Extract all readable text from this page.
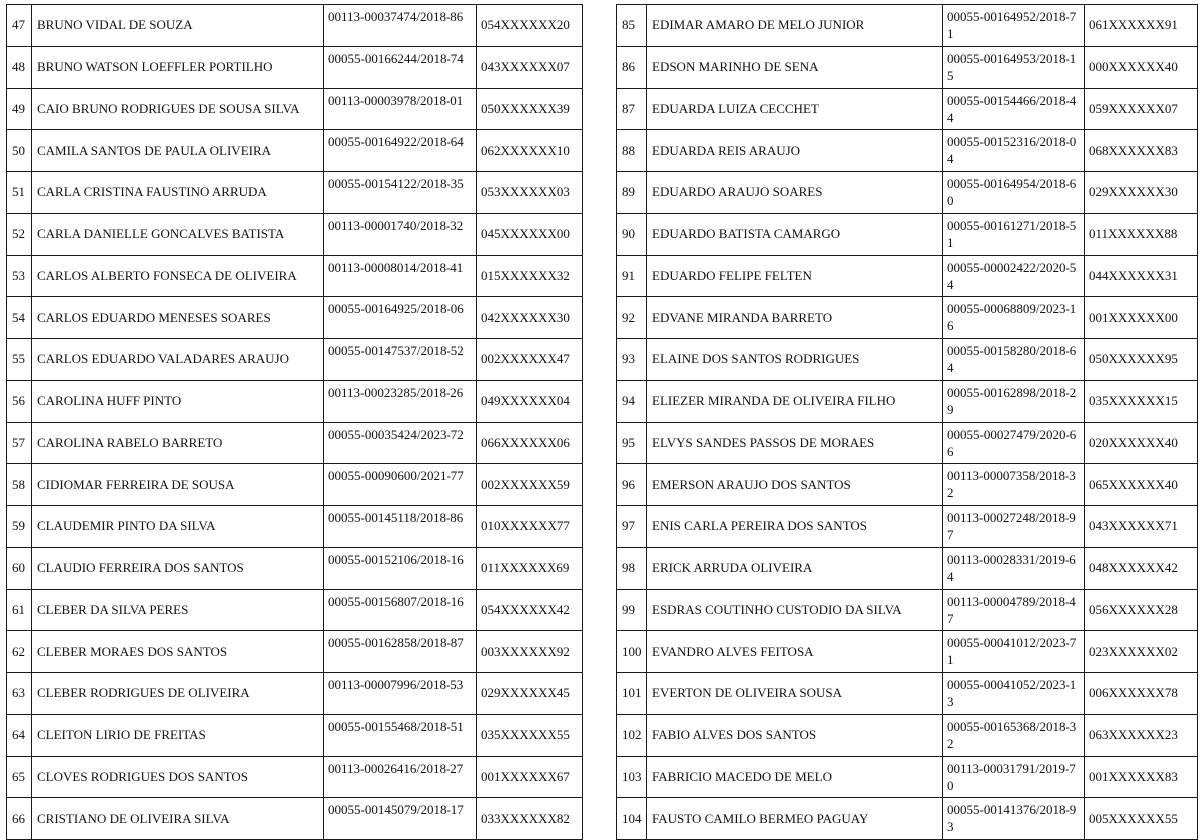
47	BRUNO VIDAL DE SOUZA	00113-00037474/2018-86	054XXXXXX20
48	BRUNO WATSON LOEFFLER PORTILHO	00055-00166244/2018-74	043XXXXXX07
49	CAIO BRUNO RODRIGUES DE SOUSA SILVA	00113-00003978/2018-01	050XXXXXX39
50	CAMILA SANTOS DE PAULA OLIVEIRA	00055-00164922/2018-64	062XXXXXX10
51	CARLA CRISTINA FAUSTINO ARRUDA	00055-00154122/2018-35	053XXXXXX03
52	CARLA DANIELLE GONCALVES BATISTA	00113-00001740/2018-32	045XXXXXX00
53	CARLOS ALBERTO FONSECA DE OLIVEIRA	00113-00008014/2018-41	015XXXXXX32
54	CARLOS EDUARDO MENESES SOARES	00055-00164925/2018-06	042XXXXXX30
55	CARLOS EDUARDO VALADARES ARAUJO	00055-00147537/2018-52	002XXXXXX47
56	CAROLINA HUFF PINTO	00113-00023285/2018-26	049XXXXXX04
57	CAROLINA RABELO BARRETO	00055-00035424/2023-72	066XXXXXX06
58	CIDIOMAR FERREIRA DE SOUSA	00055-00090600/2021-77	002XXXXXX59
59	CLAUDEMIR PINTO DA SILVA	00055-00145118/2018-86	010XXXXXX77
60	CLAUDIO FERREIRA DOS SANTOS	00055-00152106/2018-16	011XXXXXX69
61	CLEBER DA SILVA PERES	00055-00156807/2018-16	054XXXXXX42
62	CLEBER MORAES DOS SANTOS	00055-00162858/2018-87	003XXXXXX92
63	CLEBER RODRIGUES DE OLIVEIRA	00113-00007996/2018-53	029XXXXXX45
64	CLEITON LIRIO DE FREITAS	00055-00155468/2018-51	035XXXXXX55
65	CLOVES RODRIGUES DOS SANTOS	00113-00026416/2018-27	001XXXXXX67
66	CRISTIANO DE OLIVEIRA SILVA	00055-00145079/2018-17	033XXXXXX82
85	EDIMAR AMARO DE MELO JUNIOR	00055-00164952/2018-71	061XXXXXX91
86	EDSON MARINHO DE SENA	00055-00164953/2018-15	000XXXXXX40
87	EDUARDA LUIZA CECCHET	00055-00154466/2018-44	059XXXXXX07
88	EDUARDA REIS ARAUJO	00055-00152316/2018-04	068XXXXXX83
89	EDUARDO ARAUJO SOARES	00055-00164954/2018-60	029XXXXXX30
90	EDUARDO BATISTA CAMARGO	00055-00161271/2018-51	011XXXXXX88
91	EDUARDO FELIPE FELTEN	00055-00002422/2020-54	044XXXXXX31
92	EDVANE MIRANDA BARRETO	00055-00068809/2023-16	001XXXXXX00
93	ELAINE DOS SANTOS RODRIGUES	00055-00158280/2018-64	050XXXXXX95
94	ELIEZER MIRANDA DE OLIVEIRA FILHO	00055-00162898/2018-29	035XXXXXX15
95	ELVYS SANDES PASSOS DE MORAES	00055-00027479/2020-66	020XXXXXX40
96	EMERSON ARAUJO DOS SANTOS	00113-00007358/2018-32	065XXXXXX40
97	ENIS CARLA PEREIRA DOS SANTOS	00113-00027248/2018-97	043XXXXXX71
98	ERICK ARRUDA OLIVEIRA	00113-00028331/2019-64	048XXXXXX42
99	ESDRAS COUTINHO CUSTODIO DA SILVA	00113-00004789/2018-47	056XXXXXX28
100	EVANDRO ALVES FEITOSA	00055-00041012/2023-71	023XXXXXX02
101	EVERTON DE OLIVEIRA SOUSA	00055-00041052/2023-13	006XXXXXX78
102	FABIO ALVES DOS SANTOS	00055-00165368/2018-32	063XXXXXX23
103	FABRICIO MACEDO DE MELO	00113-00031791/2019-70	001XXXXXX83
104	FAUSTO CAMILO BERMEO PAGUAY	00055-00141376/2018-93	005XXXXXX55
